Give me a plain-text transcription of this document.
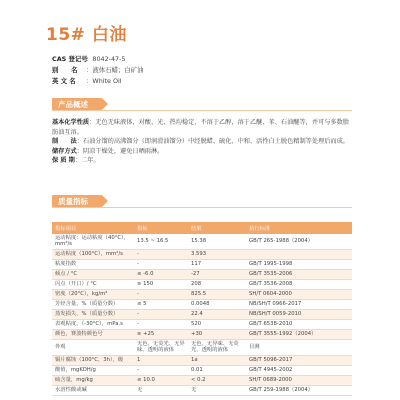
15# 白油
CAS 登记号：8042-47-5
别　　名 ：液体石蜡；白矿油
英 文 名 ：White Oil
产品概述

基本化学性质：无色无味液体，对酸、光、热均稳定，不溶于乙醇，溶于乙醚、苯、石油醚等，并可与多数脂肪油互溶。

制　　法：石油分馏的高沸馏分（即润滑油馏分）中经脱蜡、硫化、中和、活性白土脱色精制等处理后而成。

储存方式：阴凉干燥处，避免日晒雨淋。

保 质 期：二年。

质量指标
指标项目	指标	结果	执行标准
运动粘度：运动粘度（40°C），mm²/s	13.5 ~ 16.5	15.38	GB/T 265-1988（2004）
运动粘度（100°C），mm²/s	-	3.593	
粘度指数	-	117	GB/T 1995-1998
倾点 / °C	≤ -6.0	-27	GB/T 3535-2006
闪点（开口）/ °C	≥ 150	208	GB/T 3536-2008
密度（20°C），kg/m³	-	825.5	SH/T 0604-2000
芳烃含量，%（质量分数）	≤ 5	0.0048	NB/SH/T 0966-2017
蒸发损失，%（质量分数）	-	22.4	NB/SH/T 0059-2010
表观粘度，（-30°C），mPa.s	-	520	GB/T 6538-2010
颜色，赛波特颜色号	≥ +25	+30	GB/T 3555-1992（2004）
外观	无色、无荧光、无异味、透明的液体	无色、无异味、无荧光、透明的液体	目测
铜片腐蚀（100°C，3h），级	1	1a	GB/T 5096-2017
酸值，mgKOH/g	-	0.01	GB/T 4945-2002
硫含量，mg/kg	≤ 10.0	< 0.2	SH/T 0689-2000
水溶性酸或碱	无	无	GB/T 259-1988（2004）
